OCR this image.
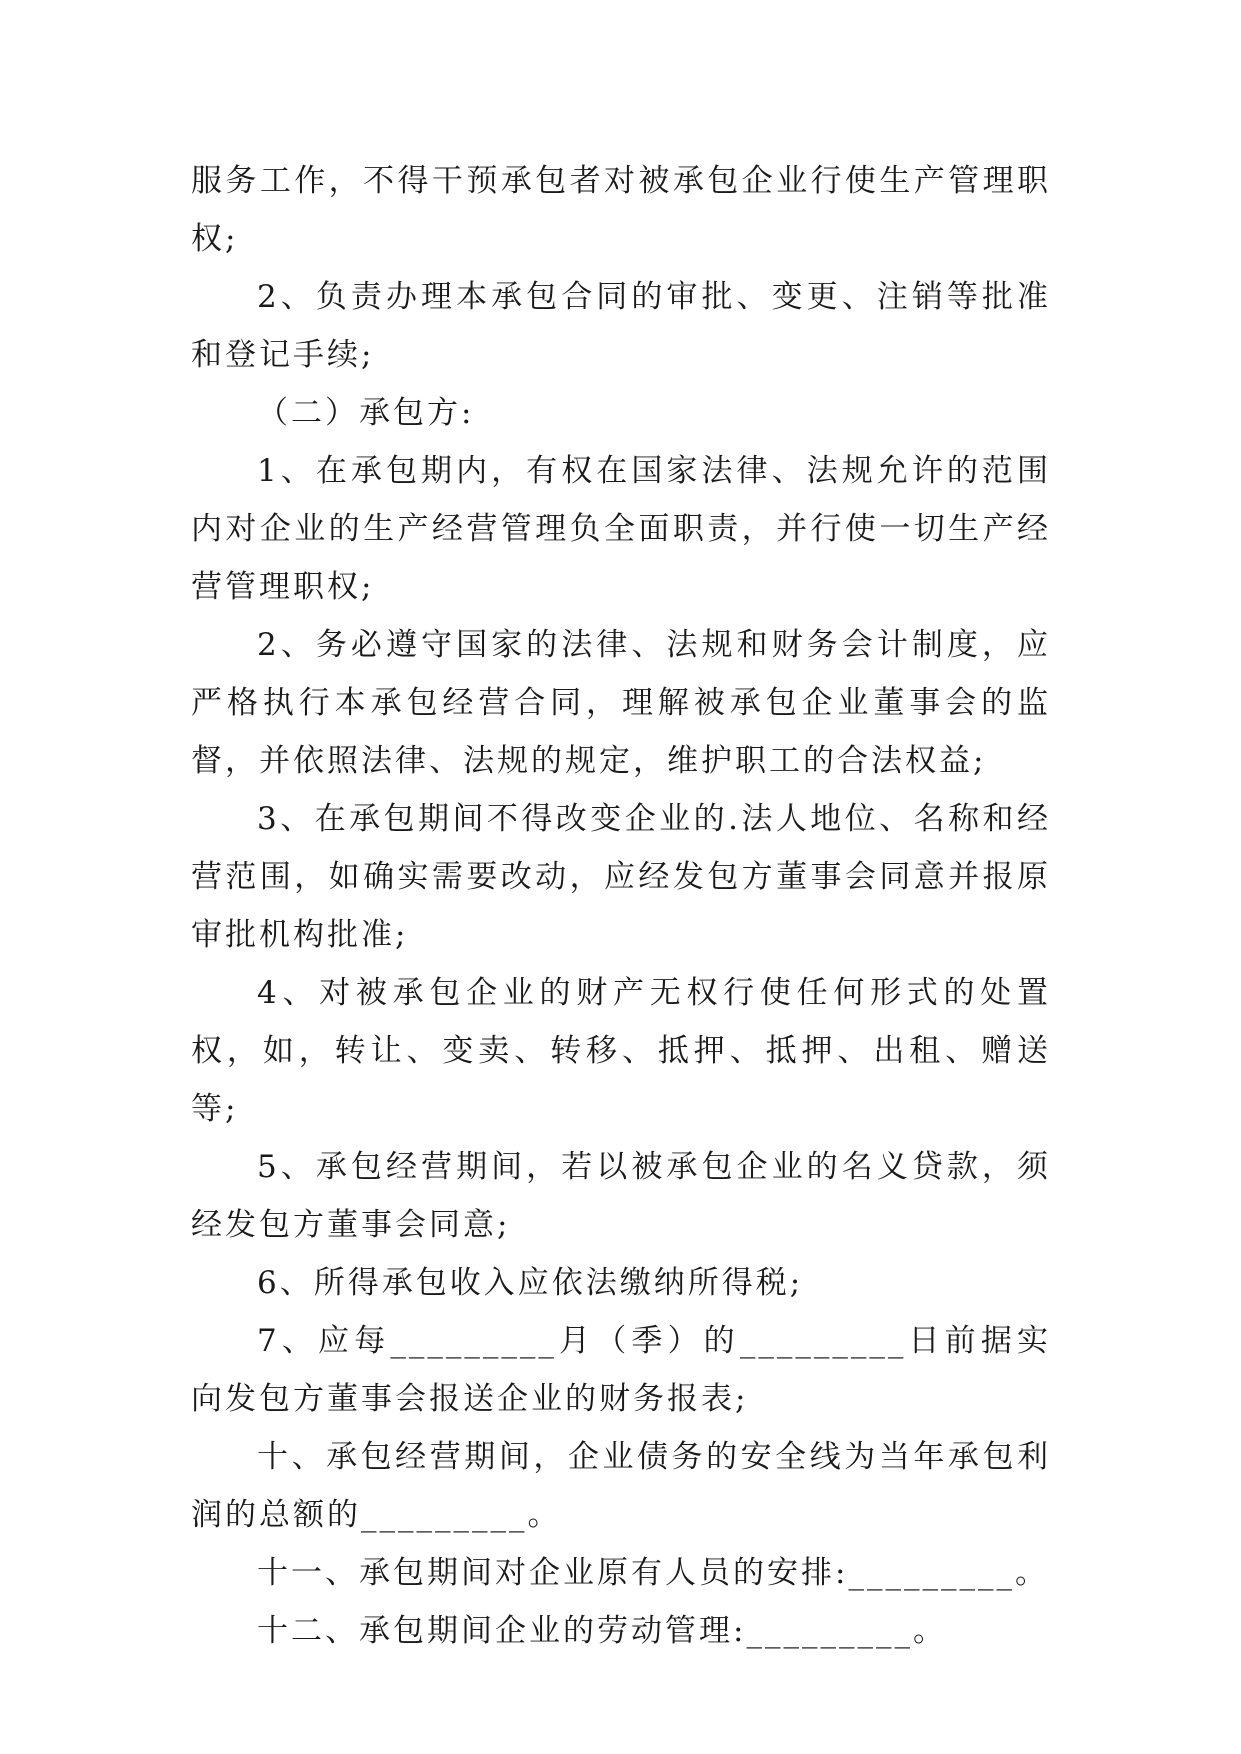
服务工作，不得干预承包者对被承包企业行使生产管理职权;

2、负责办理本承包合同的审批、变更、注销等批准和登记手续;

（二）承包方:

1、在承包期内，有权在国家法律、法规允许的范围内对企业的生产经营管理负全面职责，并行使一切生产经营管理职权;

2、务必遵守国家的法律、法规和财务会计制度，应严格执行本承包经营合同，理解被承包企业董事会的监督，并依照法律、法规的规定，维护职工的合法权益;

3、在承包期间不得改变企业的.法人地位、名称和经营范围，如确实需要改动，应经发包方董事会同意并报原审批机构批准;

4、对被承包企业的财产无权行使任何形式的处置权，如，转让、变卖、转移、抵押、抵押、出租、赠送等;

5、承包经营期间，若以被承包企业的名义贷款，须经发包方董事会同意;

6、所得承包收入应依法缴纳所得税;

7、应每_________月（季）的_________日前据实向发包方董事会报送企业的财务报表;

十、承包经营期间，企业债务的安全线为当年承包利润的总额的_________。

十一、承包期间对企业原有人员的安排:_________。

十二、承包期间企业的劳动管理:_________。
